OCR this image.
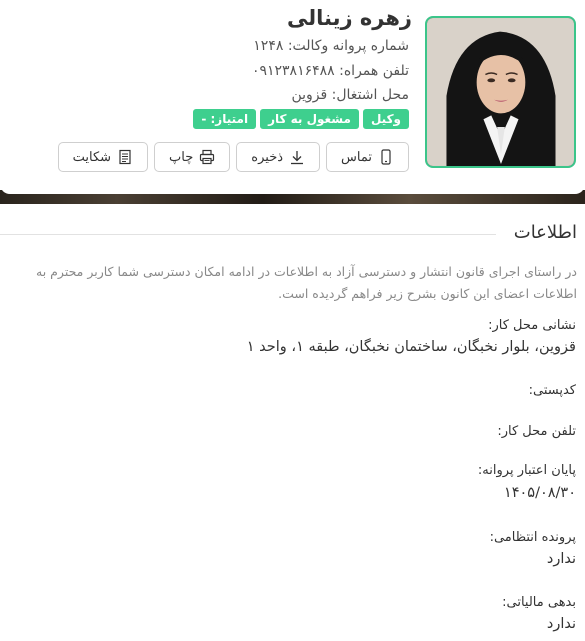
زهره زینالی
شماره پروانه وکالت: ۱۲۴۸
تلفن همراه: ۰۹۱۲۳۸۱۶۴۸۸
محل اشتغال: قزوین
وکیل
مشغول به کار
امتیاز: -
تماس
ذخیره
چاپ
شکایت
اطلاعات
در راستای اجرای قانون انتشار و دسترسی آزاد به اطلاعات در ادامه امکان دسترسی شما کاربر محترم به اطلاعات اعضای این کانون بشرح زیر فراهم گردیده است.
نشانی محل کار:
قزوین، بلوار نخبگان، ساختمان نخبگان، طبقه ۱، واحد ۱
کدپستی:
تلفن محل کار:
پایان اعتبار پروانه:
۱۴۰۵/۰۸/۳۰
پرونده انتظامی:
ندارد
بدهی مالیاتی:
ندارد
